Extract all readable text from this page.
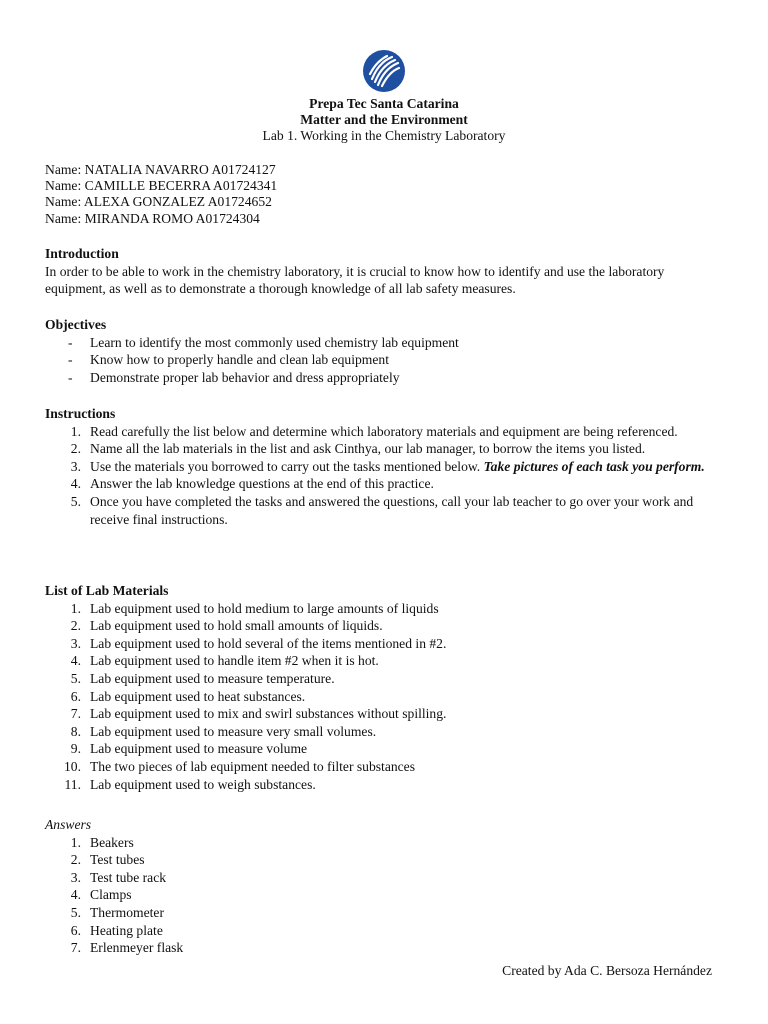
Prepa Tec Santa Catarina
Matter and the Environment
Lab 1. Working in the Chemistry Laboratory
Name: NATALIA NAVARRO A01724127
Name: CAMILLE BECERRA A01724341
Name: ALEXA GONZALEZ A01724652
Name: MIRANDA ROMO A01724304
Introduction
In order to be able to work in the chemistry laboratory, it is crucial to know how to identify and use the laboratory equipment, as well as to demonstrate a thorough knowledge of all lab safety measures.
Objectives
- Learn to identify the most commonly used chemistry lab equipment
- Know how to properly handle and clean lab equipment
- Demonstrate proper lab behavior and dress appropriately
Instructions
1. Read carefully the list below and determine which laboratory materials and equipment are being referenced.
2. Name all the lab materials in the list and ask Cinthya, our lab manager, to borrow the items you listed.
3. Use the materials you borrowed to carry out the tasks mentioned below. Take pictures of each task you perform.
4. Answer the lab knowledge questions at the end of this practice.
5. Once you have completed the tasks and answered the questions, call your lab teacher to go over your work and receive final instructions.
List of Lab Materials
1. Lab equipment used to hold medium to large amounts of liquids
2. Lab equipment used to hold small amounts of liquids.
3. Lab equipment used to hold several of the items mentioned in #2.
4. Lab equipment used to handle item #2 when it is hot.
5. Lab equipment used to measure temperature.
6. Lab equipment used to heat substances.
7. Lab equipment used to mix and swirl substances without spilling.
8. Lab equipment used to measure very small volumes.
9. Lab equipment used to measure volume
10. The two pieces of lab equipment needed to filter substances
11. Lab equipment used to weigh substances.
Answers
1. Beakers
2. Test tubes
3. Test tube rack
4. Clamps
5. Thermometer
6. Heating plate
7. Erlenmeyer flask
Created by Ada C. Bersoza Hernández
